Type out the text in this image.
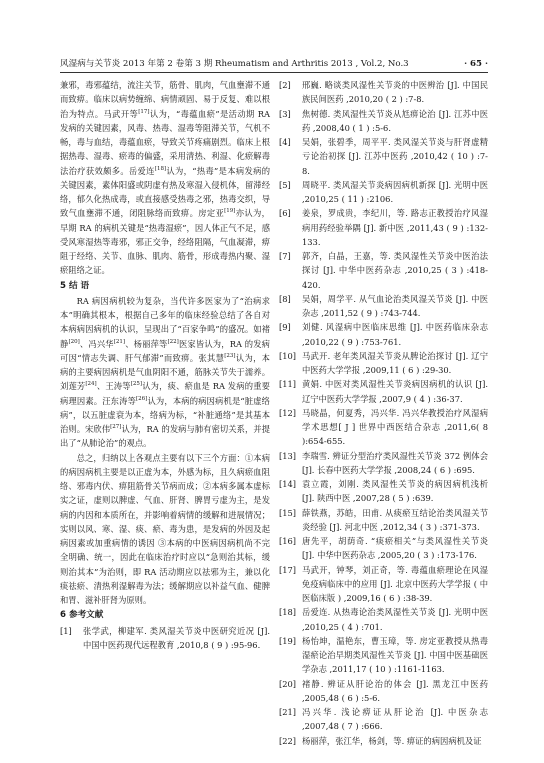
风湿病与关节炎 2013 年第 2 卷第 3 期 Rheumatism and Arthritis 2013 , Vol.2, No.3	· 65 ·

兼邪，毒邪蕴结，流注关节，筋骨、肌肉，气血壅滞不通而致痹。临床以病势缠绵、病情顽固、易于反复、难以根治为特点。马武开等[17]认为，“毒蕴血瘀”是活动期 RA 发病的关键因素，风毒、热毒、湿毒等阻滞关节，气机不畅，毒与血结，毒蕴血瘀，导致关节疼痛剧烈。临床上根据热毒、湿毒、瘀毒的偏盛，采用清热、利湿、化瘀解毒法治疗获效颇多。岳爱连[18]认为，“热毒”是本病发病的关键因素，素体阳盛或阴虚有热及寒湿入侵机体，留滞经络，郁久化热成毒，或直接感受热毒之邪，热毒交织，导致气血壅滞不通，闭阻脉络而致痹。房定亚[19]亦认为，早期 RA 的病机关键是“热毒湿瘀”，因人体正气不足，感受风寒湿热等毒邪，邪正交争，经络阻隔，气血凝滞，痹阻于经络、关节、血脉、肌肉、筋骨，形成毒热内聚、湿瘀阻络之证。

5 结 语

RA 病因病机较为复杂，当代许多医家为了“治病求本”明确其根本，根据自己多年的临床经验总结了各自对本病病因病机的认识，呈现出了“百家争鸣”的盛况。如褚静[20]、冯兴华[21]、杨丽萍等[22]医家皆认为，RA 的发病可因“情志失调、肝气郁滞”而致痹。张其慧[23]认为，本病的主要病因病机是气血阴阳不通，筋脉关节失于濡养。刘莲芳[24]、王涛等[25]认为，痰、瘀血是 RA 发病的重要病理因素。汪东涛等[26]认为，本病的病因病机是“脏虚络病”，以五脏虚衰为本，络病为标，“补脏通络”是其基本治则。宋欣伟[27]认为，RA 的发病与肺有密切关系，并提出了“从肺论治”的观点。

总之，归纳以上各观点主要有以下三个方面：①本病的病因病机主要是以正虚为本，外感为标，且久病瘀血阻络、邪毒内伏、痹阻筋骨关节病而成；②本病多属本虚标实之证，虚则以脾虚、气血、肝肾、脾胃亏虚为主，是发病的内因和本质所在，并影响着病情的缓解和进展情况；实则以风、寒、湿、痰、瘀、毒为患，是发病的外因及起病因素或加重病情的诱因 ③本病的中医病因病机尚不完全明确、统一，因此在临床治疗时应以“急则治其标，缓则治其本”为治则，即 RA 活动期应以祛邪为主，兼以化痰祛瘀、清热利湿解毒为法；缓解期应以补益气血、健脾和胃、滋补肝肾为原则。

6 参考文献
[1]	张学武，柳建军. 类风湿关节炎中医研究近况 [J]. 中国中医药现代远程教育 ,2010,8 ( 9 ) :95-96.
[2]	邢巍. 略谈类风湿性关节炎的中医辨治 [J]. 中国民族民间医药 ,2010,20 ( 2 ) :7-8.
[3]	焦树德. 类风湿性关节炎从尪痹论治 [J]. 江苏中医药 ,2008,40 ( 1 ) :5-6.
[4]	吴娟，张碧季，周平平. 类风湿关节炎与肝肾虚精亏论治初探 [J]. 江苏中医药 ,2010,42 ( 10 ) :7-8.
[5]	周晓平. 类风湿关节炎病因病机新探 [J]. 光明中医 ,2010,25 ( 11 ) :2106.
[6]	姜泉，罗成贵，李纪川，等. 路志正教授治疗风湿病用药经验举隅 [J]. 新中医 ,2011,43 ( 9 ) :132-133.
[7]	郭齐，白晶，王嘉，等. 类风湿性关节炎中医治法探讨 [J]. 中华中医药杂志 ,2010,25 ( 3 ) :418-420.
[8]	吴娟，周学平. 从气血论治类风湿关节炎 [J]. 中医杂志 ,2011,52 ( 9 ) :743-744.
[9]	刘健. 风湿病中医临床思维 [J]. 中医药临床杂志 ,2010,22 ( 9 ) :753-761.
[10] 马武开. 老年类风湿关节炎从脾论治探讨 [J]. 辽宁中医药大学学报 ,2009,11 ( 6 ) :29-30.
[11] 黄娟. 中医对类风湿性关节炎病因病机的认识 [J]. 辽宁中医药大学学报 ,2007,9 ( 4 ) :36-37.
[12] 马晓晶，何夏秀，冯兴华. 冯兴华教授治疗风湿病学术思想[ J ] 世界中西医结合杂志 ,2011,6( 8 ):654-655.
[13] 李瑞雪. 辨证分型治疗类风湿性关节炎 372 例体会 [J]. 长春中医药大学学报 ,2008,24 ( 6 ) :695.
[14] 袁立霞，刘刚. 类风湿性关节炎的病因病机浅析 [J]. 陕西中医 ,2007,28 ( 5 ) :639.
[15] 薛铁燕，苏皓，田甫. 从痰瘀互结论治类风湿关节炎经验 [J]. 河北中医 ,2012,34 ( 3 ) :371-373.
[16] 唐先平，胡荫奇. “痰瘀相关”与类风湿性关节炎 [J]. 中华中医药杂志 ,2005,20 ( 3 ) :173-176.
[17] 马武开，钟琴，刘正奇，等. 毒蕴血瘀理论在风湿免疫病临床中的应用 [J]. 北京中医药大学学报 ( 中医临床版 ) ,2009,16 ( 6 ) :38-39.
[18] 岳爱连. 从热毒论治类风湿性关节炎 [J]. 光明中医 ,2010,25 ( 4 ) :701.
[19] 杨怡坤，温艳东，曹玉璋，等. 房定亚教授从热毒湿瘀论治早期类风湿性关节炎 [J]. 中国中医基础医学杂志 ,2011,17 ( 10 ) :1161-1163.
[20] 褚静. 辨证从肝论治的体会 [J]. 黑龙江中医药 ,2005,48 ( 6 ) :5-6.
[21] 冯兴华. 浅论痹证从肝论治 [J]. 中医杂志 ,2007,48 ( 7 ) :666.
[22] 杨丽萍，张江华，杨剑，等. 痹证的病因病机及证
